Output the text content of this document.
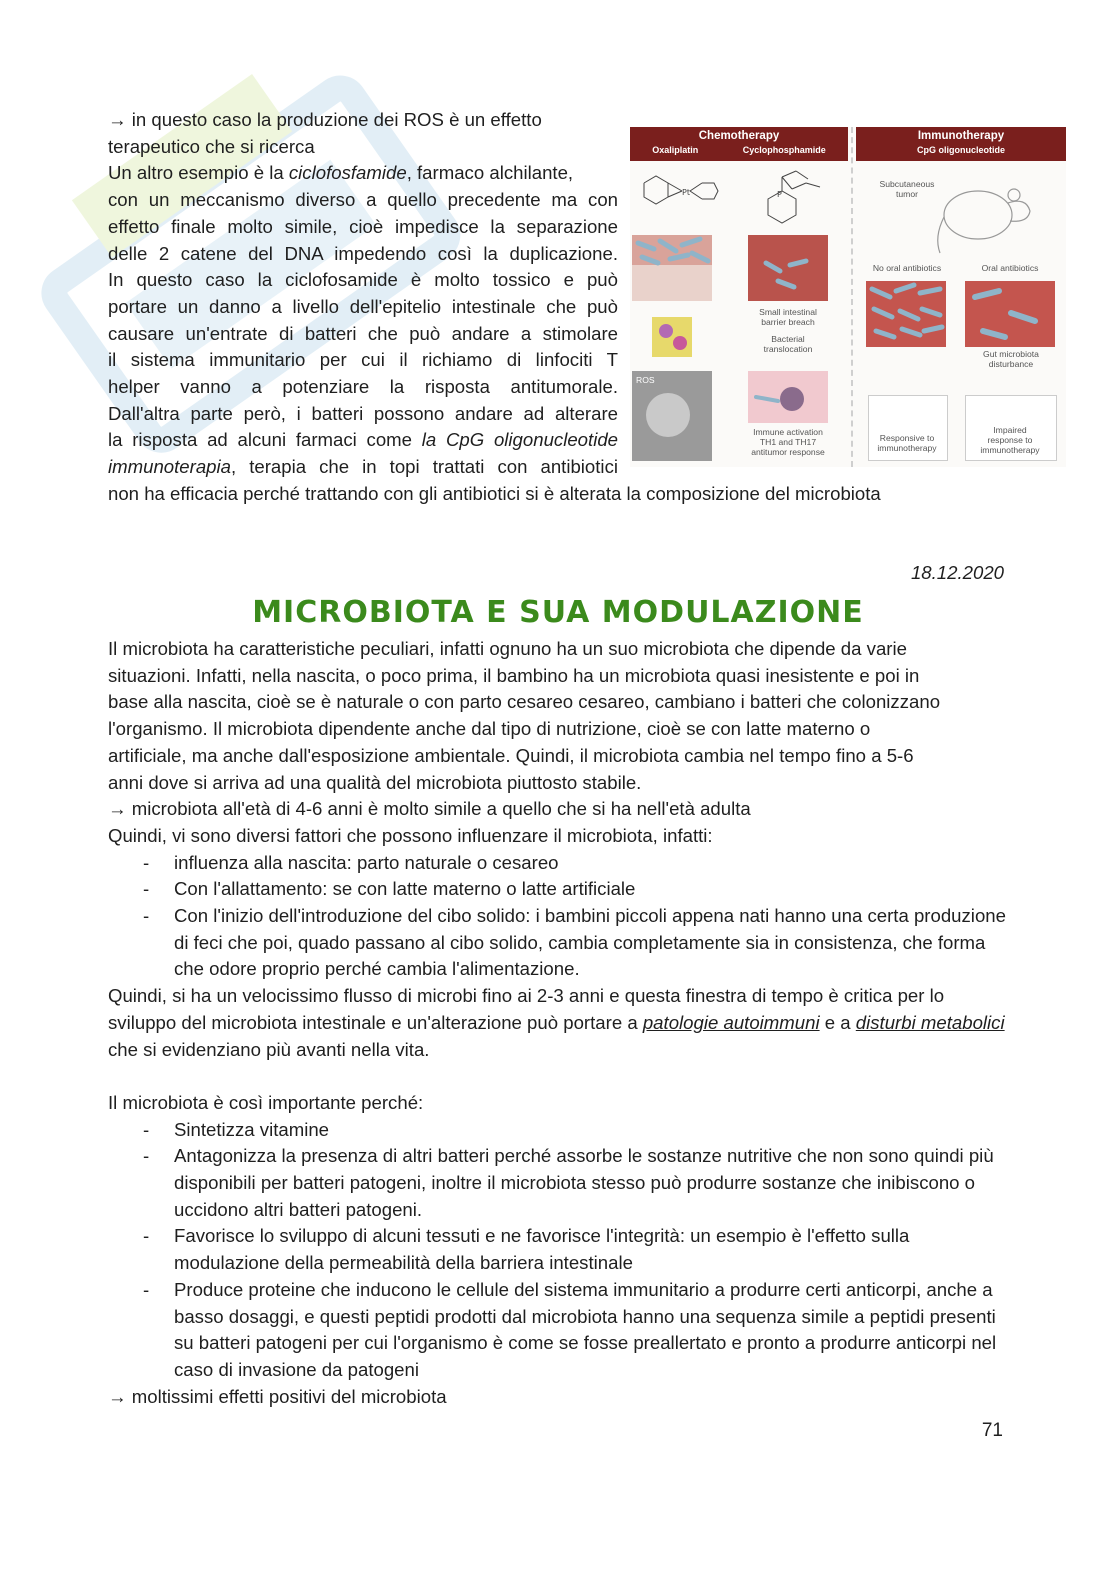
→ in questo caso la produzione dei ROS è un effetto

terapeutico che si ricerca

Un altro esempio è la ciclofosfamide, farmaco alchilante,

con un meccanismo diverso a quello precedente ma con

effetto finale molto simile, cioè impedisce la separazione

delle 2 catene del DNA impedendo così la duplicazione.

In questo caso la ciclofosamide è molto tossico e può

portare un danno a livello dell'epitelio intestinale che può

causare un'entrate di batteri che può andare a stimolare

il sistema immunitario per cui il richiamo di linfociti T

helper vanno a potenziare la risposta antitumorale.

Dall'altra parte però, i batteri possono andare ad alterare

la risposta ad alcuni farmaci come la CpG oligonucleotide

immunoterapia, terapia che in topi trattati con antibiotici

non ha efficacia perché trattando con gli antibiotici si è alterata la composizione del microbiota

Chemotherapy
Oxaliplatin	Cyclophosphamide
Immunotherapy
CpG oligonucleotide
Pt	P
Subcutaneous
tumor
No oral antibiotics	Oral antibiotics
ROS
Small intestinal
barrier breach
Bacterial
translocation	Gut microbiota
disturbance
Immune activation
TH1 and TH17
antitumor response
Responsive to
immunotherapy
Impaired
response to
immunotherapy
18.12.2020
MICROBIOTA E SUA MODULAZIONE

Il microbiota ha caratteristiche peculiari, infatti ognuno ha un suo microbiota che dipende da varie

situazioni. Infatti, nella nascita, o poco prima, il bambino ha un microbiota quasi inesistente e poi in

base alla nascita, cioè se è naturale o con parto cesareo cesareo, cambiano i batteri che colonizzano

l'organismo. Il microbiota dipendente anche dal tipo di nutrizione, cioè se con latte materno o

artificiale, ma anche dall'esposizione ambientale. Quindi, il microbiota cambia nel tempo fino a 5-6

anni dove si arriva ad una qualità del microbiota piuttosto stabile.

→ microbiota all'età di 4-6 anni è molto simile a quello che si ha nell'età adulta

Quindi, vi sono diversi fattori che possono influenzare il microbiota, infatti:

- influenza alla nascita: parto naturale o cesareo
- Con l'allattamento: se con latte materno o latte artificiale
- Con l'inizio dell'introduzione del cibo solido: i bambini piccoli appena nati hanno una certa produzione di feci che poi, quado passano al cibo solido, cambia completamente sia in consistenza, che forma che odore proprio perché cambia l'alimentazione.

Quindi, si ha un velocissimo flusso di microbi fino ai 2-3 anni e questa finestra di tempo è critica per lo sviluppo del microbiota intestinale e un'alterazione può portare a patologie autoimmuni e a disturbi metabolici che si evidenziano più avanti nella vita.

Il microbiota è così importante perché:

- Sintetizza vitamine
- Antagonizza la presenza di altri batteri perché assorbe le sostanze nutritive che non sono quindi più disponibili per batteri patogeni, inoltre il microbiota stesso può produrre sostanze che inibiscono o uccidono altri batteri patogeni.
- Favorisce lo sviluppo di alcuni tessuti e ne favorisce l'integrità: un esempio è l'effetto sulla modulazione della permeabilità della barriera intestinale
- Produce proteine che inducono le cellule del sistema immunitario a produrre certi anticorpi, anche a basso dosaggi, e questi peptidi prodotti dal microbiota hanno una sequenza simile a peptidi presenti su batteri patogeni per cui l'organismo è come se fosse preallertato e pronto a produrre anticorpi nel caso di invasione da patogeni

→ moltissimi effetti positivi del microbiota

71
